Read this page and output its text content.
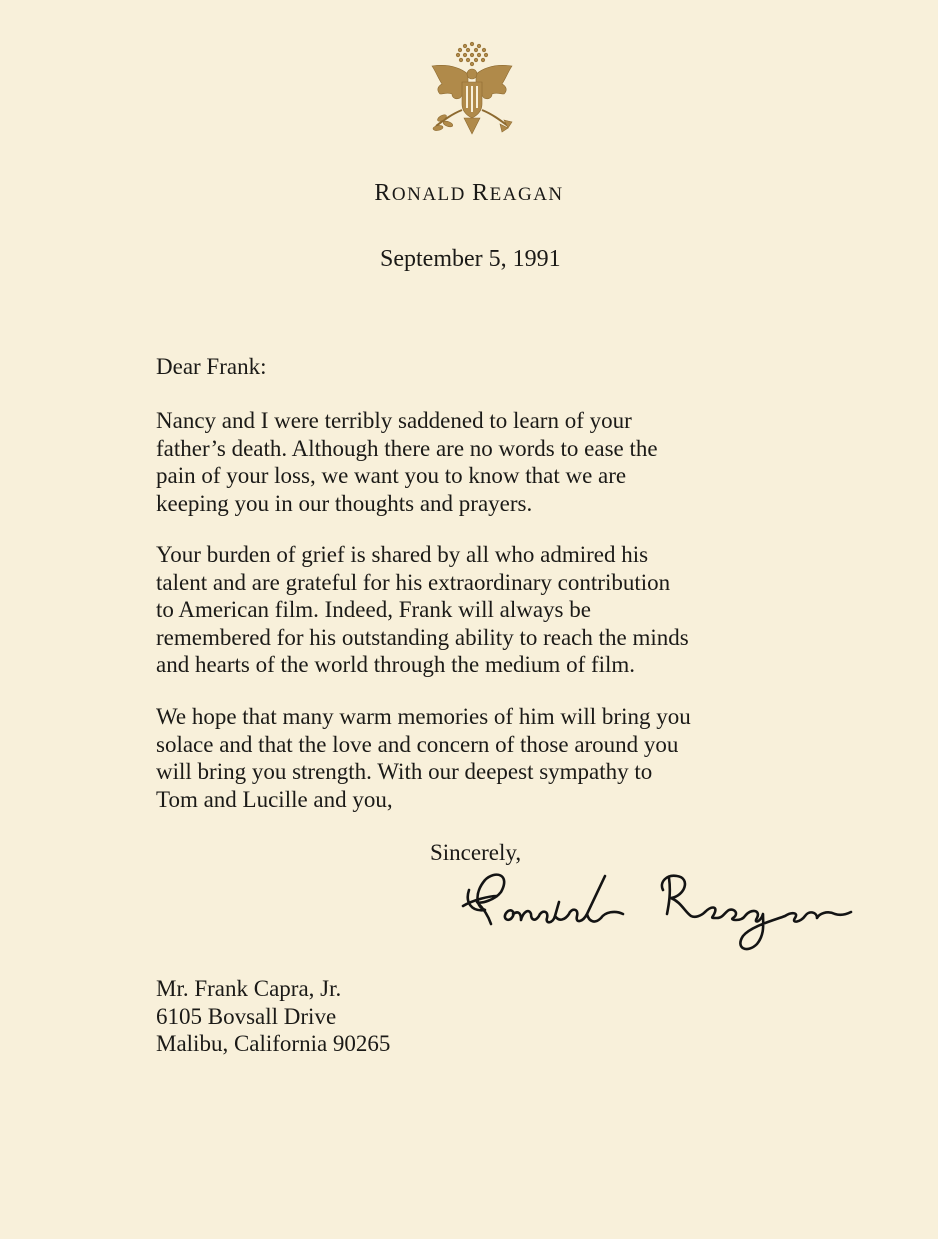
RONALD REAGAN
September 5, 1991
Dear Frank:

Nancy and I were terribly saddened to learn of your
father’s death. Although there are no words to ease the
pain of your loss, we want you to know that we are
keeping you in our thoughts and prayers.

Your burden of grief is shared by all who admired his
talent and are grateful for his extraordinary contribution
to American film. Indeed, Frank will always be
remembered for his outstanding ability to reach the minds
and hearts of the world through the medium of film.

We hope that many warm memories of him will bring you
solace and that the love and concern of those around you
will bring you strength. With our deepest sympathy to
Tom and Lucille and you,

Sincerely,
Mr. Frank Capra, Jr.
6105 Bovsall Drive
Malibu, California 90265
